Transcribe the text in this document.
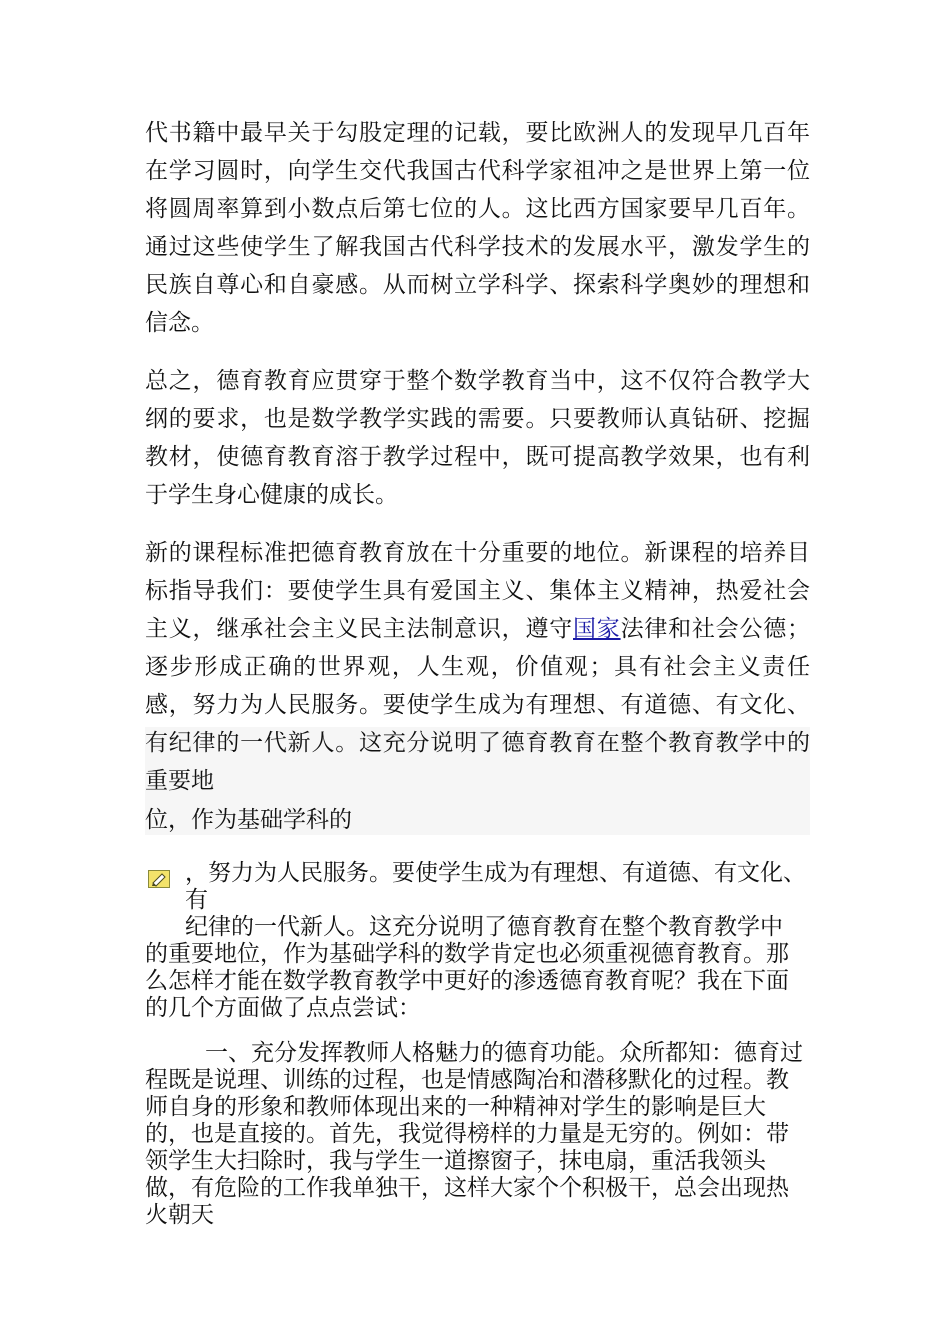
代书籍中最早关于勾股定理的记载，要比欧洲人的发现早几百年在学习圆时，向学生交代我国古代科学家祖冲之是世界上第一位将圆周率算到小数点后第七位的人。这比西方国家要早几百年。通过这些使学生了解我国古代科学技术的发展水平，激发学生的民族自尊心和自豪感。从而树立学科学、探索科学奥妙的理想和信念。

总之，德育教育应贯穿于整个数学教育当中，这不仅符合教学大纲的要求，也是数学教学实践的需要。只要教师认真钻研、挖掘教材，使德育教育溶于教学过程中，既可提高教学效果，也有利于学生身心健康的成长。

新的课程标准把德育教育放在十分重要的地位。新课程的培养目标指导我们：要使学生具有爱国主义、集体主义精神，热爱社会主义，继承社会主义民主法制意识，遵守国家法律和社会公德；逐步形成正确的世界观，人生观，价值观；具有社会主义责任感，努力为人民服务。要使学生成为有理想、有道德、有文化、有纪律的一代新人。这充分说明了德育教育在整个教育教学中的重要地

位，作为基础学科的

，努力为人民服务。要使学生成为有理想、有道德、有文化、有
纪律的一代新人。这充分说明了德育教育在整个教育教学中
的重要地位，作为基础学科的数学肯定也必须重视德育教育。那么怎样才能在数学教育教学中更好的渗透德育教育呢？我在下面的几个方面做了点点尝试：
一、充分发挥教师人格魅力的德育功能。众所都知：德育过
程既是说理、训练的过程，也是情感陶冶和潜移默化的过程。教师自身的形象和教师体现出来的一种精神对学生的影响是巨大的，也是直接的。首先，我觉得榜样的力量是无穷的。例如：带领学生大扫除时，我与学生一道擦窗子，抹电扇，重活我领头做，有危险的工作我单独干，这样大家个个积极干，总会出现热火朝天
